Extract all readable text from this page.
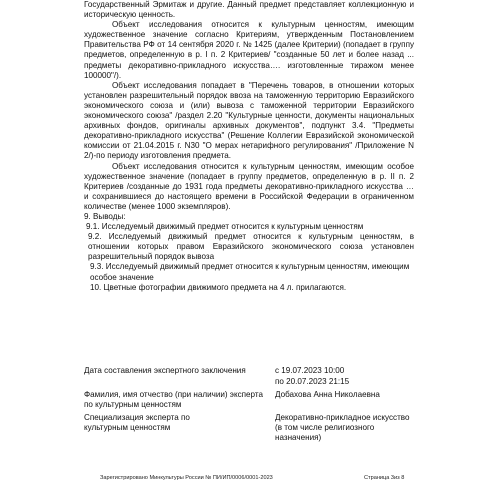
Государственный Эрмитаж и другие. Данный предмет представляет коллекционную и историческую ценность.

Объект исследования относится к культурным ценностям, имеющим художественное значение согласно Критериям, утвержденным Постановлением Правительства РФ от 14 сентября 2020 г. № 1425 (далее Критерии) (попадает в группу предметов, определенную в р. I п. 2 Критериев/ "созданные 50 лет и более назад ... предметы декоративно-прикладного искусства…. изготовленные тиражом менее 100000"/).

Объект исследования попадает в "Перечень товаров, в отношении которых установлен разрешительный порядок ввоза на таможенную территорию Евразийского экономического союза и (или) вывоза с таможенной территории Евразийского экономического союза" /раздел 2.20 "Культурные ценности, документы национальных архивных фондов, оригиналы архивных документов", подпункт 3.4. "Предметы декоративно-прикладного искусства" (Решение Коллегии Евразийской экономической комиссии от 21.04.2015 г. N30 "О мерах нетарифного регулирования" /Приложение N 2/)-по периоду изготовления предмета.

Объект исследования относится к культурным ценностям, имеющим особое художественное значение (попадает в группу предметов, определенную в р. II п. 2 Критериев /созданные до 1931 года предметы декоративно-прикладного искусства … и сохранившиеся до настоящего времени в Российской Федерации в ограниченном количестве (менее 1000 экземпляров).

9. Выводы:

9.1. Исследуемый движимый предмет относится к культурным ценностям

9.2. Исследуемый движимый предмет относится к культурным ценностям, в отношении которых правом Евразийского экономического союза установлен разрешительный порядок вывоза

9.3. Исследуемый движимый предмет относится к культурным ценностям, имеющим особое значение

10. Цветные фотографии движимого предмета на 4 л. прилагаются.

Дата составления экспертного заключения	с 19.07.2023 10:00
по 20.07.2023 21:15
Фамилия, имя отчество (при наличии) эксперта по культурным ценностям
Добахова Анна Николаевна
Специализация эксперта по культурным ценностям
Декоративно-прикладное искусство (в том числе религиозного назначения)
Зарегистрировано Минкультуры России № ПИ/ИП/0006/0001-2023	Страница 3из 8
